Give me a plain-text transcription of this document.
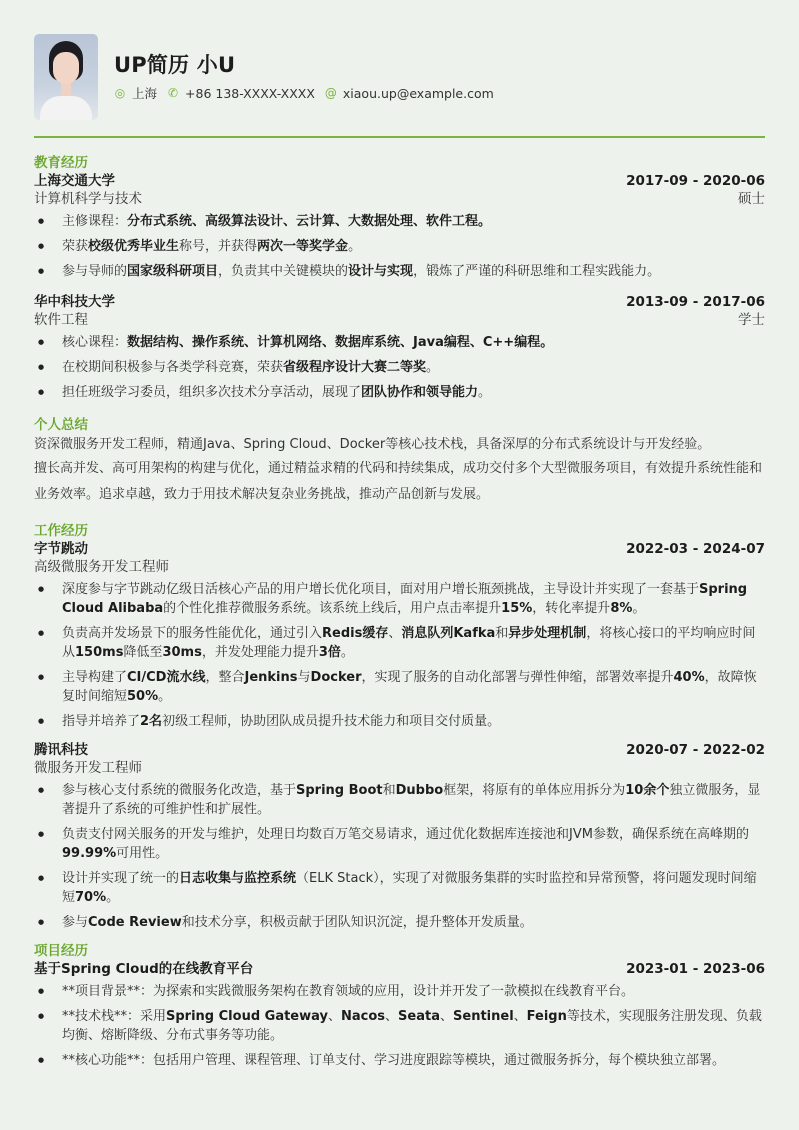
UP简历 小U
◎ 上海 ✆ +86 138-XXXX-XXXX @ xiaou.up@example.com
教育经历
上海交通大学	2017-09 - 2020-06
计算机科学与技术	硕士
● 主修课程：分布式系统、高级算法设计、云计算、大数据处理、软件工程。
● 荣获校级优秀毕业生称号，并获得两次一等奖学金。
● 参与导师的国家级科研项目，负责其中关键模块的设计与实现，锻炼了严谨的科研思维和工程实践能力。
华中科技大学	2013-09 - 2017-06
软件工程	学士
● 核心课程：数据结构、操作系统、计算机网络、数据库系统、Java编程、C++编程。
● 在校期间积极参与各类学科竞赛，荣获省级程序设计大赛二等奖。
● 担任班级学习委员，组织多次技术分享活动，展现了团队协作和领导能力。
个人总结

资深微服务开发工程师，精通Java、Spring Cloud、Docker等核心技术栈，具备深厚的分布式系统设计与开发经验。

擅长高并发、高可用架构的构建与优化，通过精益求精的代码和持续集成，成功交付多个大型微服务项目，有效提升系统性能和业务效率。追求卓越，致力于用技术解决复杂业务挑战，推动产品创新与发展。

工作经历
字节跳动	2022-03 - 2024-07
高级微服务开发工程师
● 深度参与字节跳动亿级日活核心产品的用户增长优化项目，面对用户增长瓶颈挑战，主导设计并实现了一套基于Spring Cloud Alibaba的个性化推荐微服务系统。该系统上线后，用户点击率提升15%，转化率提升8%。
● 负责高并发场景下的服务性能优化，通过引入Redis缓存、消息队列Kafka和异步处理机制，将核心接口的平均响应时间从150ms降低至30ms，并发处理能力提升3倍。
● 主导构建了CI/CD流水线，整合Jenkins与Docker，实现了服务的自动化部署与弹性伸缩，部署效率提升40%，故障恢复时间缩短50%。
● 指导并培养了2名初级工程师，协助团队成员提升技术能力和项目交付质量。
腾讯科技	2020-07 - 2022-02
微服务开发工程师
● 参与核心支付系统的微服务化改造，基于Spring Boot和Dubbo框架，将原有的单体应用拆分为10余个独立微服务，显著提升了系统的可维护性和扩展性。
● 负责支付网关服务的开发与维护，处理日均数百万笔交易请求，通过优化数据库连接池和JVM参数，确保系统在高峰期的99.99%可用性。
● 设计并实现了统一的日志收集与监控系统（ELK Stack），实现了对微服务集群的实时监控和异常预警，将问题发现时间缩短70%。
● 参与Code Review和技术分享，积极贡献于团队知识沉淀，提升整体开发质量。
项目经历
基于Spring Cloud的在线教育平台	2023-01 - 2023-06
● **项目背景**：为探索和实践微服务架构在教育领域的应用，设计并开发了一款模拟在线教育平台。
● **技术栈**：采用Spring Cloud Gateway、Nacos、Seata、Sentinel、Feign等技术，实现服务注册发现、负载均衡、熔断降级、分布式事务等功能。
● **核心功能**：包括用户管理、课程管理、订单支付、学习进度跟踪等模块，通过微服务拆分，每个模块独立部署。
